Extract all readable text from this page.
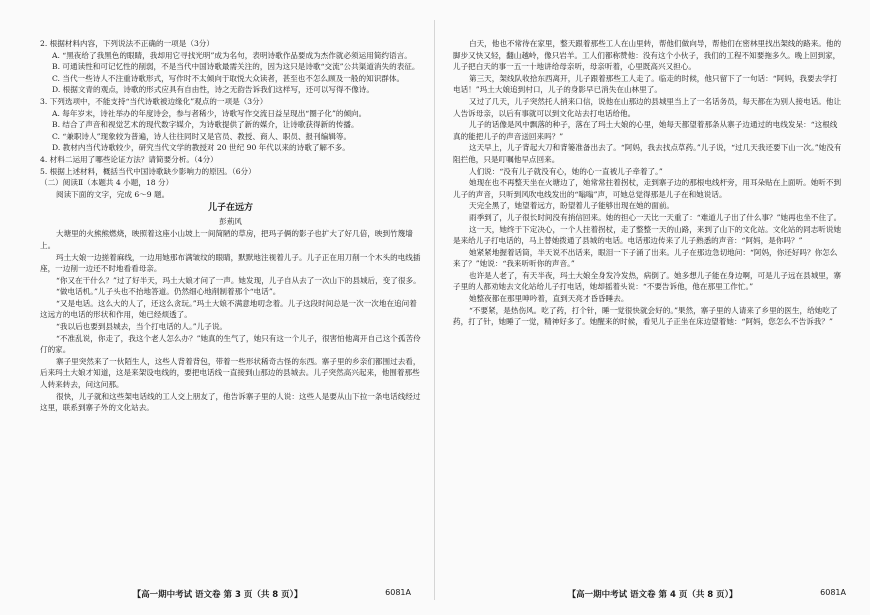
2. 根据材料内容，下列说法不正确的一项是（3分）

A. “黑夜给了我黑色的眼睛，我却用它寻找光明”成为名句，表明诗歌作品要成为杰作就必须运用简约语言。

B. 可通读性和可记忆性的削弱，不是当代中国诗歌最需关注的，因为这只是诗歌“交流”公共渠道消失的表征。

C. 当代一些诗人不注重诗歌形式，写作时不太倾向于取悦大众读者，甚至也不怎么顾及一般的知识群体。

D. 根据文青的观点，诗歌的形式应具有自由性，诗之无韵告诉我们这样写，还可以写得不像诗。

3. 下列选项中，不能支持“当代诗歌被边缘化”观点的一项是（3分）

A. 每年岁末，诗社举办的年度诗会，参与者稀少，诗歌写作交流日益呈现出“圈子化”的倾向。

B. 结合了声音和视觉艺术的现代数字媒介，为诗歌提供了新的媒介，让诗歌获得新的传播。

C. “兼职诗人”现象较为普遍，诗人往往同时又是官员、教授、商人、职员、报刊编辑等。

D. 教材内当代诗歌较少，研究当代文学的教授对 20 世纪 90 年代以来的诗歌了解不多。

4. 材料二运用了哪些论证方法？请简要分析。（4分）

5. 根据上述材料，概括当代中国诗歌缺少影响力的原因。（6分）

（二）阅读Ⅱ（本题共 4 小题，18 分）

阅读下面的文字，完成 6～9 题。

儿子在远方

彭荊风

大塘里的火熊熊燃烧，映照着这座小山坡上一间简陋的草房，把玛子俩的影子也扩大了好几倍，映到竹篾墙上。

玛土大娘一边搓着麻线，一边用她那布满皱纹的眼睛，默默地注视着儿子。儿子正在用刀削一个木头的电线插座，一边削一边还不时地看看母亲。

“你又在干什么？”过了好半天，玛土大娘才问了一声。她发现，儿子自从去了一次山下的县城后，变了很多。

“做电话机。”儿子头也不抬地答道。仍然细心地削制着那个“电话”。

“又是电话。这么大的人了，还这么贪玩。”玛土大娘不满意地叨念着。儿子这段时间总是一次一次地在追问着这远方的电话的形状和作用，她已经烦透了。

“我以后也要到县城去，当个打电话的人。”儿子说。

“不准乱说，你走了，我这个老人怎么办？”她真的生气了，她只有这一个儿子，很害怕他离开自己这个孤苦伶仃的家。

寨子里突然来了一伙陌生人，这些人背着背包，带着一些形状稀奇古怪的东西。寨子里的乡亲们都围过去看，后来玛土大娘才知道，这是来架设电线的，要把电话线一直接到山那边的县城去。儿子突然高兴起来，他围着那些人转来转去，问这问那。

很快，儿子就和这些架电话线的工人交上朋友了，他告诉寨子里的人说：这些人是要从山下拉一条电话线经过这里，联系到寨子外的文化站去。

白天，他也不常待在家里，整天跟着那些工人在山里转，帮他们做向导，帮他们在密林里找出架线的路来。他的脚步又快又轻，翻山越岭，像只岩羊。工人们都称赞他：没有这个小伙子，我们的工程不知要拖多久。晚上回到家，儿子把白天的事一五一十地讲给母亲听，母亲听着，心里既高兴又担心。

第三天，架线队收拾东西离开，儿子跟着那些工人走了。临走的时候，他只留下了一句话：“阿妈，我要去学打电话！”玛土大娘追到村口，儿子的身影早已消失在山林里了。

又过了几天，儿子突然托人捎来口信，说他在山那边的县城里当上了一名话务员，每天都在为别人接电话。他让人告诉母亲，以后有事就可以到文化站去打电话给他。

儿子的话像是风中飘落的种子，落在了玛土大娘的心里，她每天都望着那条从寨子边通过的电线发呆：“这根线真的能把儿子的声音送回来吗？”

这天早上，儿子背起大刀和背篓准备出去了。“阿妈，我去找点草药。”儿子说，“过几天我还要下山一次。”她没有阻拦他，只是叮嘱他早点回来。

人们说：“没有儿子就没有心，她的心一直被儿子牵着了。”

她现在也不再整天坐在火塘边了，她常常拄着拐杖，走到寨子边的那根电线杆旁，用耳朵贴在上面听。她听不到儿子的声音，只听到风吹电线发出的“嗡嗡”声，可她总觉得那是儿子在和她说话。

天完全黑了，她望着远方，盼望着儿子能够出现在她的面前。

雨季到了，儿子很长时间没有捎信回来。她的担心一天比一天重了：“难道儿子出了什么事？”她再也坐不住了。

这一天，她终于下定决心，一个人拄着拐杖，走了整整一天的山路，来到了山下的文化站。文化站的同志听说她是来给儿子打电话的，马上替她拨通了县城的电话。电话那边传来了儿子熟悉的声音：“阿妈，是你吗？”

她紧紧地握着话筒，半天说不出话来，眼泪一下子涌了出来。儿子在那边急切地问：“阿妈，你还好吗？你怎么来了？”她说：“我来听听你的声音。”

也许是人老了，有天半夜，玛土大娘全身发冷发热，病倒了。她多想儿子能在身边啊，可是儿子远在县城里，寨子里的人都劝她去文化站给儿子打电话，她却摇着头说：“不要告诉他，他在那里工作忙。”

她整夜都在那里呻吟着，直到天亮才昏昏睡去。

“不要紧，是热伤风。吃了药，打个针，睡一觉很快就会好的。”果然，寨子里的人请来了乡里的医生，给她吃了药，打了针，她睡了一觉，精神好多了。她醒来的时候，看见儿子正坐在床边望着她：“阿妈，您怎么不告诉我？”

【高一期中考试 语文卷 第 3 页（共 8 页）】	6081A	【高一期中考试 语文卷 第 4 页（共 8 页）】	6081A
